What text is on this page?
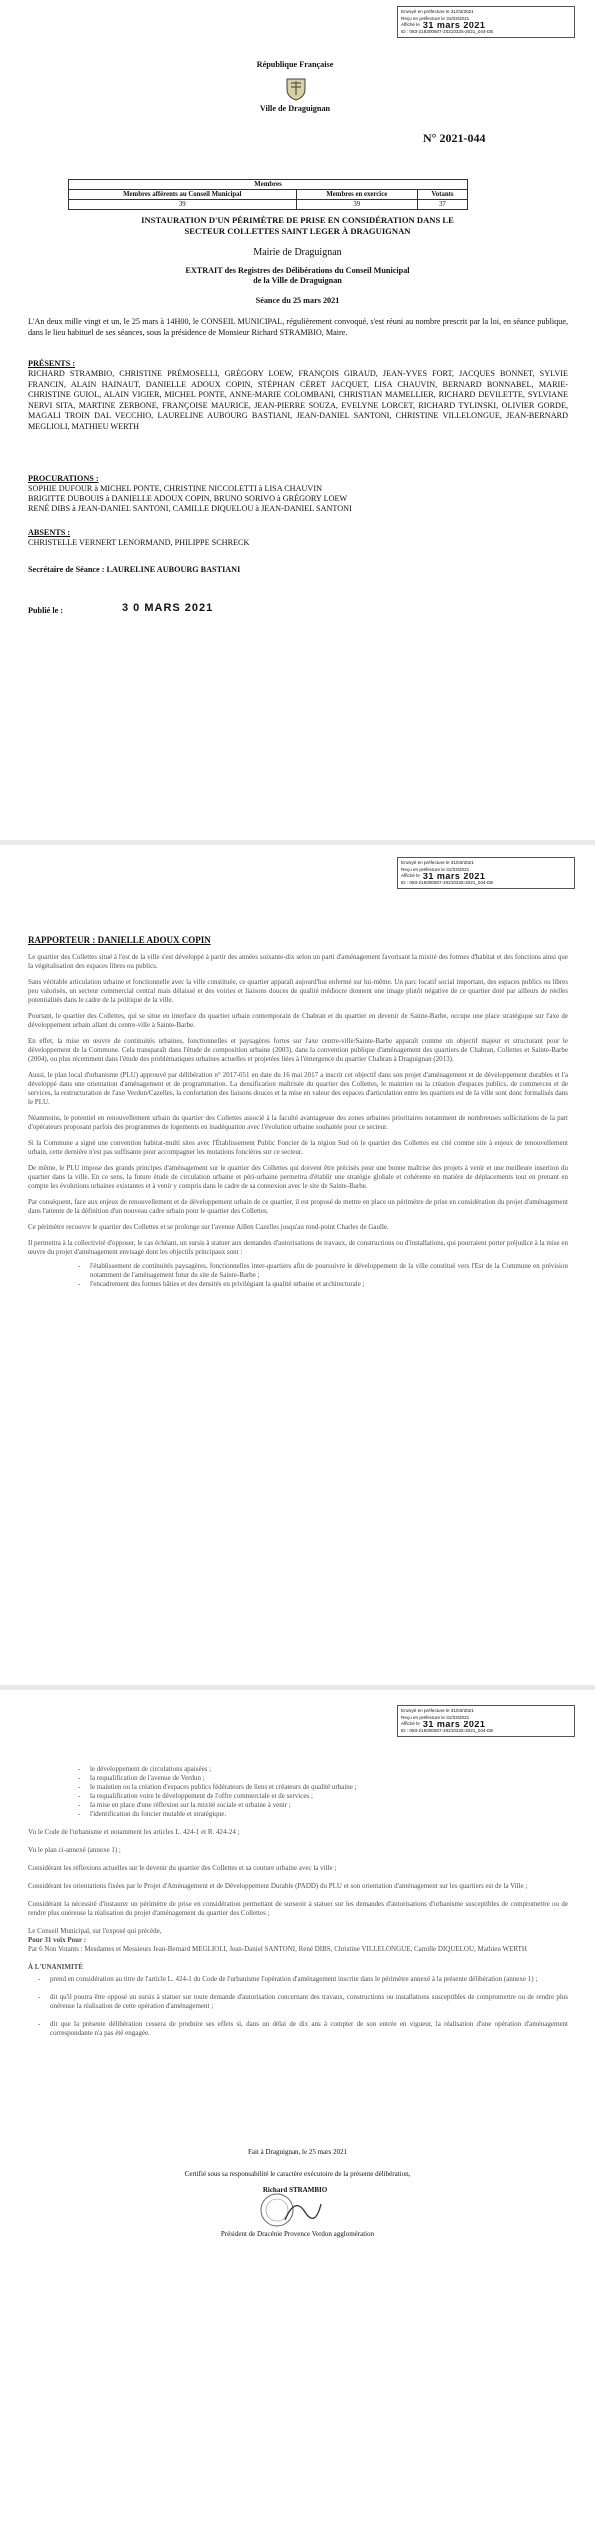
Envoyé en préfecture le 31/03/2021
Reçu en préfecture le 31/03/2021
Affiché le 31 mars 2021
ID : 083-218300507-20210325-2021_044-DE
République Française
Ville de Draguignan
N° 2021-044
Membres		
Membres afférents au Conseil Municipal	Membres en exercice	Votants
39	39	37
INSTAURATION D'UN PÉRIMÈTRE DE PRISE EN CONSIDÉRATION DANS LE
SECTEUR COLLETTES SAINT LEGER À DRAGUIGNAN
Mairie de Draguignan
EXTRAIT des Registres des Délibérations du Conseil Municipal
de la Ville de Draguignan
Séance du 25 mars 2021
L'An deux mille vingt et un, le 25 mars à 14H00, le CONSEIL MUNICIPAL, régulièrement convoqué, s'est réuni au nombre prescrit par la loi, en séance publique, dans le lieu habituel de ses séances, sous la présidence de Monsieur Richard STRAMBIO, Maire.
PRÉSENTS :
RICHARD STRAMBIO, CHRISTINE PRÉMOSELLI, GRÉGORY LOEW, FRANÇOIS GIRAUD, JEAN-YVES FORT, JACQUES BONNET, SYLVIE FRANCIN, ALAIN HAINAUT, DANIELLE ADOUX COPIN, STÉPHAN CÉRET JACQUET, LISA CHAUVIN, BERNARD BONNABEL, MARIE-CHRISTINE GUIOL, ALAIN VIGIER, MICHEL PONTE, ANNE-MARIE COLOMBANI, CHRISTIAN MAMELLIER, RICHARD DEVILETTE, SYLVIANE NERVI SITA, MARTINE ZERBONE, FRANÇOISE MAURICE, JEAN-PIERRE SOUZA, EVELYNE LORCET, RICHARD TYLINSKI, OLIVIER GORDE, MAGALI TROIN DAL VECCHIO, LAURELINE AUBOURG BASTIANI, JEAN-DANIEL SANTONI, CHRISTINE VILLELONGUE, JEAN-BERNARD MEGLIOLI, MATHIEU WERTH
PROCURATIONS :
SOPHIE DUFOUR à MICHEL PONTE, CHRISTINE NICCOLETTI à LISA CHAUVIN
BRIGITTE DUBOUIS à DANIELLE ADOUX COPIN, BRUNO SORIVO à GRÉGORY LOEW
RENÉ DIBS à JEAN-DANIEL SANTONI, CAMILLE DIQUELOU à JEAN-DANIEL SANTONI
ABSENTS :
CHRISTELLE VERNERT LENORMAND, PHILIPPE SCHRECK
Secrétaire de Séance : LAURELINE AUBOURG BASTIANI
Publié le :	3 0 MARS 2021
Envoyé en préfecture le 31/03/2021
Reçu en préfecture le 31/03/2021
Affiché le 31 mars 2021
ID : 083-218300507-20210325-2021_044-DE
RAPPORTEUR : DANIELLE ADOUX COPIN

Le quartier des Collettes situé à l'est de la ville s'est développé à partir des années soixante-dix selon un parti d'aménagement favorisant la mixité des formes d'habitat et des fonctions ainsi que la végétalisation des espaces libres ou publics.

Sans véritable articulation urbaine et fonctionnelle avec la ville constituée, ce quartier apparaît aujourd'hui enfermé sur lui-même. Un parc locatif social important, des espaces publics ou libres peu valorisés, un secteur commercial central mais délaissé et des voiries et liaisons douces de qualité médiocre donnent une image plutôt négative de ce quartier doté par ailleurs de réelles potentialités dans le cadre de la politique de la ville.

Pourtant, le quartier des Collettes, qui se situe en interface du quartier urbain contemporain de Chabran et du quartier en devenir de Sainte-Barbe, occupe une place stratégique sur l'axe de développement urbain allant du centre-ville à Sainte-Barbe.

En effet, la mise en œuvre de continuités urbaines, fonctionnelles et paysagères fortes sur l'axe centre-ville/Sainte-Barbe apparaît comme un objectif majeur et structurant pour le développement de la Commune. Cela transparaît dans l'étude de composition urbaine (2003), dans la convention publique d'aménagement des quartiers de Chabran, Collettes et Sainte-Barbe (2004), ou plus récemment dans l'étude des problématiques urbaines actuelles et projetées liées à l'émergence du quartier Chabran à Draguignan (2013).

Aussi, le plan local d'urbanisme (PLU) approuvé par délibération n° 2017-051 en date du 16 mai 2017 a inscrit cet objectif dans son projet d'aménagement et de développement durables et l'a développé dans une orientation d'aménagement et de programmation. La densification maîtrisée du quartier des Collettes, le maintien ou la création d'espaces publics, de commerces et de services, la restructuration de l'axe Verdun/Cazelles, la confortation des liaisons douces et la mise en valeur des espaces d'articulation entre les quartiers est de la ville sont donc formalisés dans le PLU.

Néanmoins, le potentiel en renouvellement urbain du quartier des Collettes associé à la faculté avantageuse des zones urbaines prioritaires notamment de nombreuses sollicitations de la part d'opérateurs proposant parfois des programmes de logements en inadéquation avec l'évolution urbaine souhaitée pour ce secteur.

Si la Commune a signé une convention habitat-multi sites avec l'Établissement Public Foncier de la région Sud où le quartier des Collettes est cité comme site à enjeux de renouvellement urbain, cette dernière n'est pas suffisante pour accompagner les mutations foncières sur ce secteur.

De même, le PLU impose des grands principes d'aménagement sur le quartier des Collettes qui doivent être précisés pour une bonne maîtrise des projets à venir et une meilleure insertion du quartier dans la ville. En ce sens, la future étude de circulation urbaine et péri-urbaine permettra d'établir une stratégie globale et cohérente en matière de déplacements tout en prenant en compte les évolutions urbaines existantes et à venir y compris dans le cadre de sa connexion avec le site de Sainte-Barbe.

Par conséquent, face aux enjeux de renouvellement et de développement urbain de ce quartier, il est proposé de mettre en place un périmètre de prise en considération du projet d'aménagement dans l'attente de la définition d'un nouveau cadre urbain pour le quartier des Collettes.

Ce périmètre recouvre le quartier des Collettes et se prolonge sur l'avenue Aillen Cazelles jusqu'au rond-point Charles de Gaulle.

Il permettra à la collectivité d'opposer, le cas échéant, un sursis à statuer aux demandes d'autorisations de travaux, de constructions ou d'installations, qui pourraient porter préjudice à la mise en œuvre du projet d'aménagement envisagé dont les objectifs principaux sont :

-	l'établissement de continuités paysagères, fonctionnelles inter-quartiers afin de poursuivre le développement de la ville constitué vers l'Est de la Commune en prévision notamment de l'aménagement futur du site de Sainte-Barbe ;
-	l'encadrement des formes bâties et des densités en privilégiant la qualité urbaine et architecturale ;
Envoyé en préfecture le 31/03/2021
Reçu en préfecture le 31/03/2021
Affiché le 31 mars 2021
ID : 083-218300507-20210325-2021_044-DE
-	le développement de circulations apaisées ;
-	la requalification de l'avenue de Verdun ;
-	le maintien ou la création d'espaces publics fédérateurs de liens et créateurs de qualité urbaine ;
-	la requalification voire le développement de l'offre commerciale et de services ;
-	la mise en place d'une réflexion sur la mixité sociale et urbaine à venir ;
-	l'identification du foncier mutable et stratégique.

Vu le Code de l'urbanisme et notamment les articles L. 424-1 et R. 424-24 ;

Vu le plan ci-annexé (annexe 1) ;

Considérant les réflexions actuelles sur le devenir du quartier des Collettes et sa couture urbaine avec la ville ;

Considérant les orientations fixées par le Projet d'Aménagement et de Développement Durable (PADD) du PLU et son orientation d'aménagement sur les quartiers est de la Ville ;

Considérant la nécessité d'instaurer un périmètre de prise en considération permettant de surseoir à statuer sur les demandes d'autorisations d'urbanisme susceptibles de compromettre ou de rendre plus onéreuse la réalisation du projet d'aménagement du quartier des Collettes ;

Le Conseil Municipal, sur l'exposé qui précède,

Pour 31 voix Pour :

Par 6 Non Votants : Mesdames et Messieurs Jean-Bernard MEGLIOLI, Jean-Daniel SANTONI, René DIBS, Christine VILLELONGUE, Camille DIQUELOU, Mathieu WERTH

À L'UNANIMITÉ

-	prend en considération au titre de l'article L. 424-1 du Code de l'urbanisme l'opération d'aménagement inscrite dans le périmètre annexé à la présente délibération (annexe 1) ;
-	dit qu'il pourra être opposé un sursis à statuer sur toute demande d'autorisation concernant des travaux, constructions ou installations susceptibles de compromettre ou de rendre plus onéreuse la réalisation de cette opération d'aménagement ;
-	dit que la présente délibération cessera de produire ses effets si, dans un délai de dix ans à compter de son entrée en vigueur, la réalisation d'une opération d'aménagement correspondante n'a pas été engagée.
Fait à Draguignan, le 25 mars 2021
Certifié sous sa responsabilité le caractère exécutoire de la présente délibération,
Richard STRAMBIO
Président de Dracénie Provence Verdon agglomération
